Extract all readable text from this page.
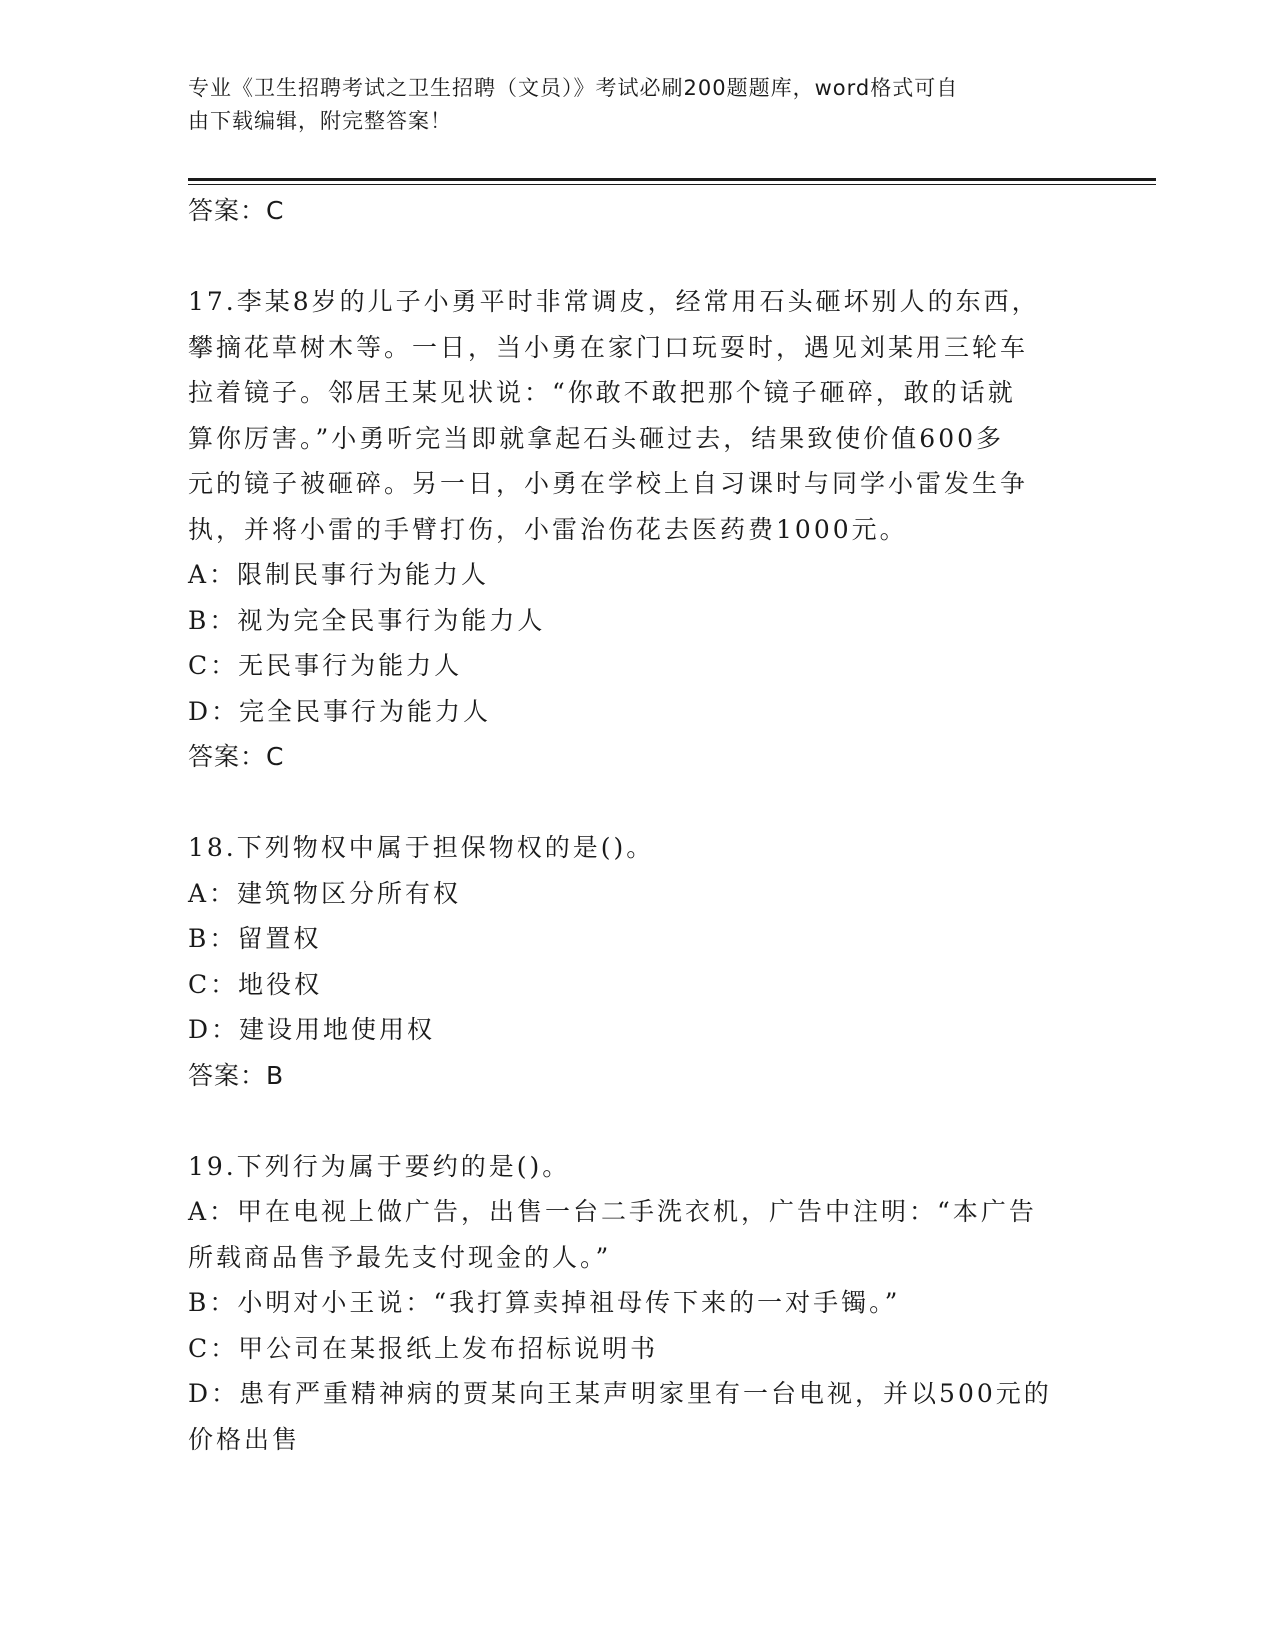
专业《卫生招聘考试之卫生招聘（文员）》考试必刷200题题库，word格式可自

由下载编辑，附完整答案！

答案：C

17.李某8岁的儿子小勇平时非常调皮，经常用石头砸坏别人的东西，

攀摘花草树木等。一日，当小勇在家门口玩耍时，遇见刘某用三轮车

拉着镜子。邻居王某见状说：“你敢不敢把那个镜子砸碎，敢的话就

算你厉害。”小勇听完当即就拿起石头砸过去，结果致使价值600多

元的镜子被砸碎。另一日，小勇在学校上自习课时与同学小雷发生争

执，并将小雷的手臂打伤，小雷治伤花去医药费1000元。

A：限制民事行为能力人

B：视为完全民事行为能力人

C：无民事行为能力人

D：完全民事行为能力人

答案：C

18.下列物权中属于担保物权的是()。

A：建筑物区分所有权

B：留置权

C：地役权

D：建设用地使用权

答案：B

19.下列行为属于要约的是()。

A：甲在电视上做广告，出售一台二手洗衣机，广告中注明：“本广告

所载商品售予最先支付现金的人。”

B：小明对小王说：“我打算卖掉祖母传下来的一对手镯。”

C：甲公司在某报纸上发布招标说明书

D：患有严重精神病的贾某向王某声明家里有一台电视，并以500元的

价格出售
